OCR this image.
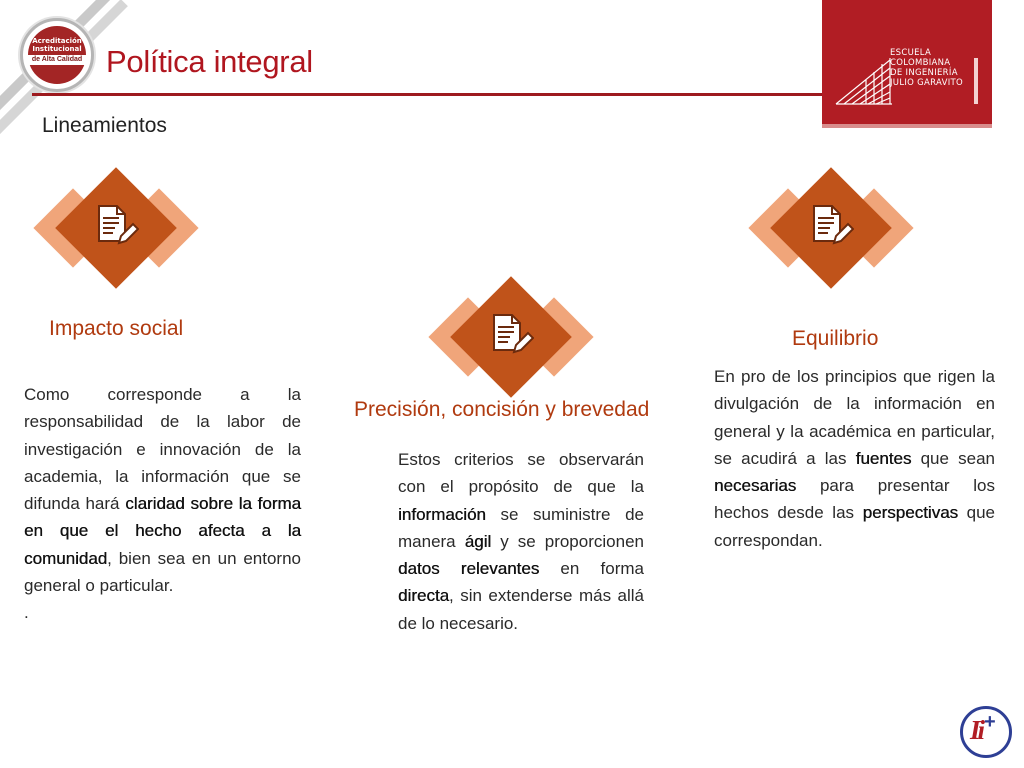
Acreditación
Institucional
de Alta Calidad Política integral	ESCUELA
COLOMBIANA
DE INGENIERÍA
JULIO GARAVITO
Lineamientos
Impacto social
Como corresponde a la responsabilidad de la labor de investigación e innovación de la academia, la información que se difunda hará claridad sobre la forma en que el hecho afecta a la comunidad, bien sea en un entorno general o particular.
.
Precisión, concisión y brevedad
Estos criterios se observarán con el propósito de que la información se suministre de manera ágil y se proporcionen datos relevantes en forma directa, sin extenderse más allá de lo necesario.
Equilibrio
En pro de los principios que rigen la divulgación de la información en general y la académica en particular, se acudirá a las fuentes que sean necesarias para presentar los hechos desde las perspectivas que correspondan.
Ii +
